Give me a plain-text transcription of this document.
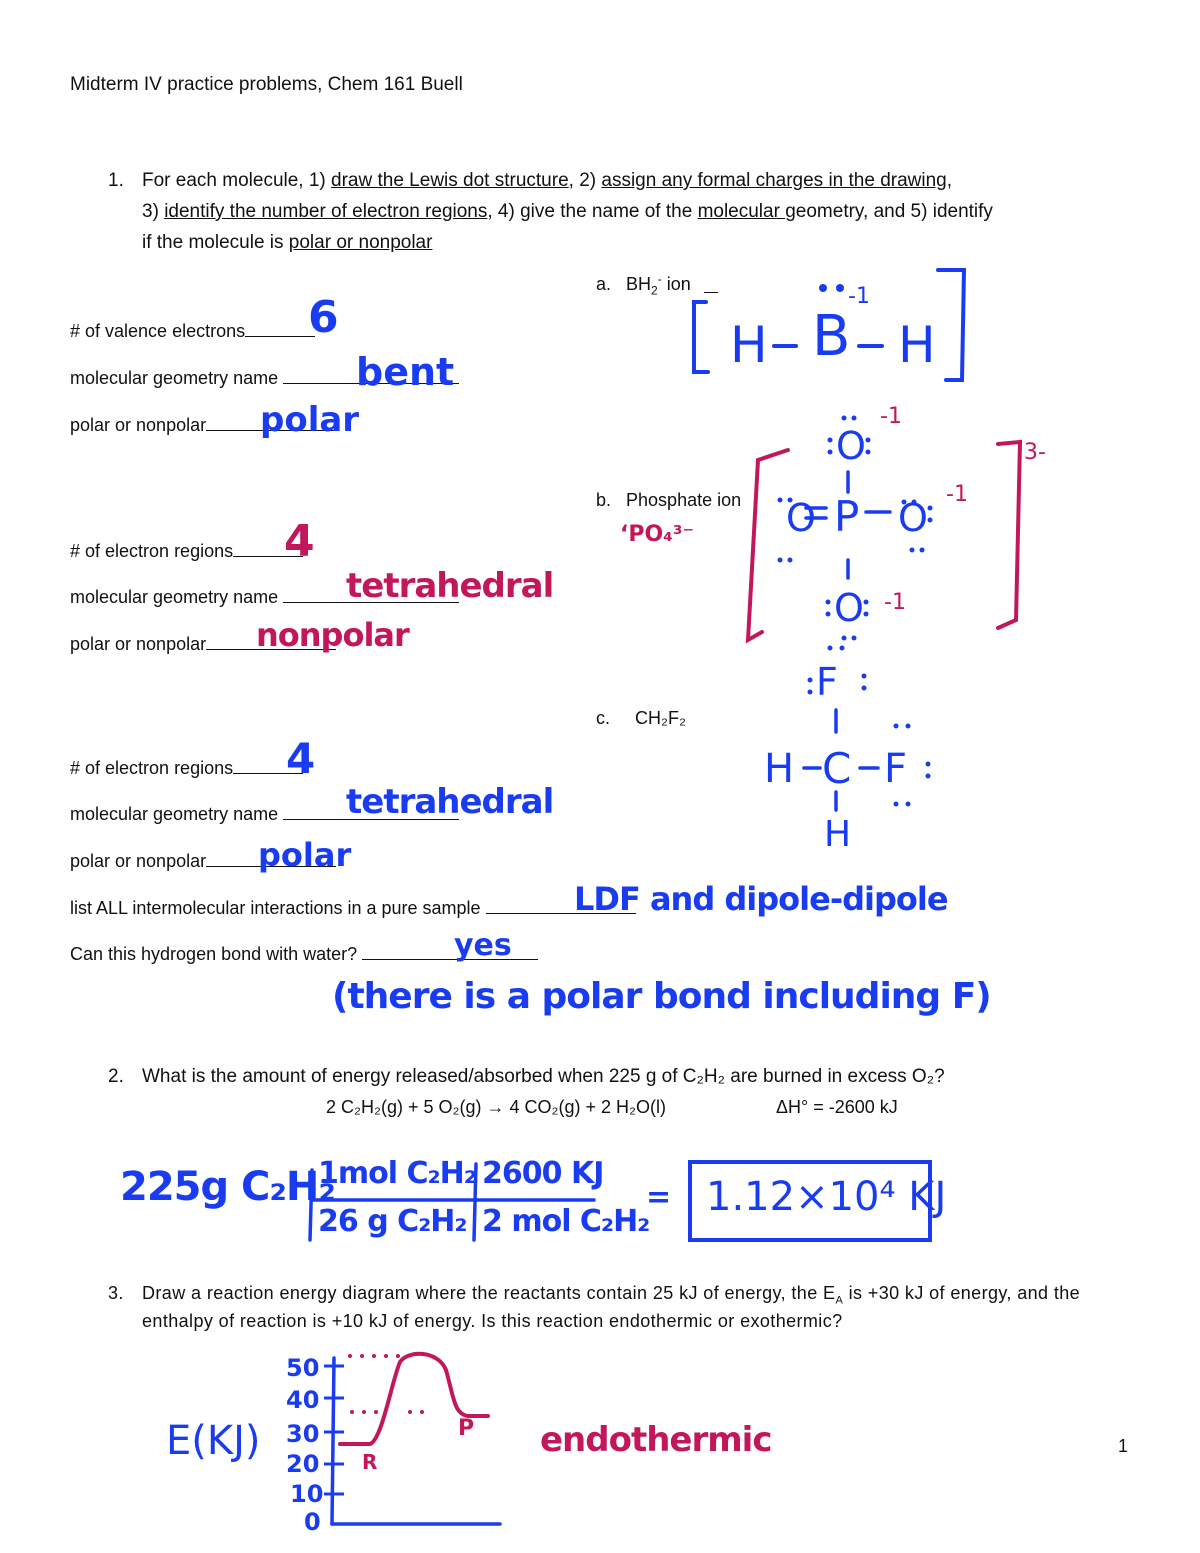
Midterm IV practice problems, Chem 161 Buell
1. For each molecule, 1) draw the Lewis dot structure, 2) assign any formal charges in the drawing,
3) identify the number of electron regions, 4) give the name of the molecular geometry, and 5) identify
if the molecule is polar or nonpolar
a. $BH_2^-$ ion
# of valence electrons	6
molecular geometry name	bent
polar or nonpolar	polar
H B H
-1
b. Phosphate ion
‘PO₄³⁻
# of electron regions	4
molecular geometry name	tetrahedral
polar or nonpolar	nonpolar
O
-1
O P O
-1
O -1
3-
c. CH₂F₂
# of electron regions	4
molecular geometry name	tetrahedral
polar or nonpolar	polar
list ALL intermolecular interactions in a pure sample	LDF and dipole-dipole
Can this hydrogen bond with water?	yes
(there is a polar bond including F)
F
H C F
H
2. What is the amount of energy released/absorbed when 225 g of C₂H₂ are burned in excess O₂?
2 C₂H₂(g) + 5 O₂(g) → 4 CO₂(g) + 2 H₂O(l)	ΔH° = -2600 kJ
225g C₂H₂
1mol C₂H₂
26 g C₂H₂
2600 KJ
2 mol C₂H₂
= 1.12×10⁴ KJ
3. Draw a reaction energy diagram where the reactants contain 25 kJ of energy, the $E_A$ is +30 kJ of energy, and the
enthalpy of reaction is +10 kJ of energy. Is this reaction endothermic or exothermic?
E(KJ)
50
40
30
20
10
0
R
P endothermic	1
